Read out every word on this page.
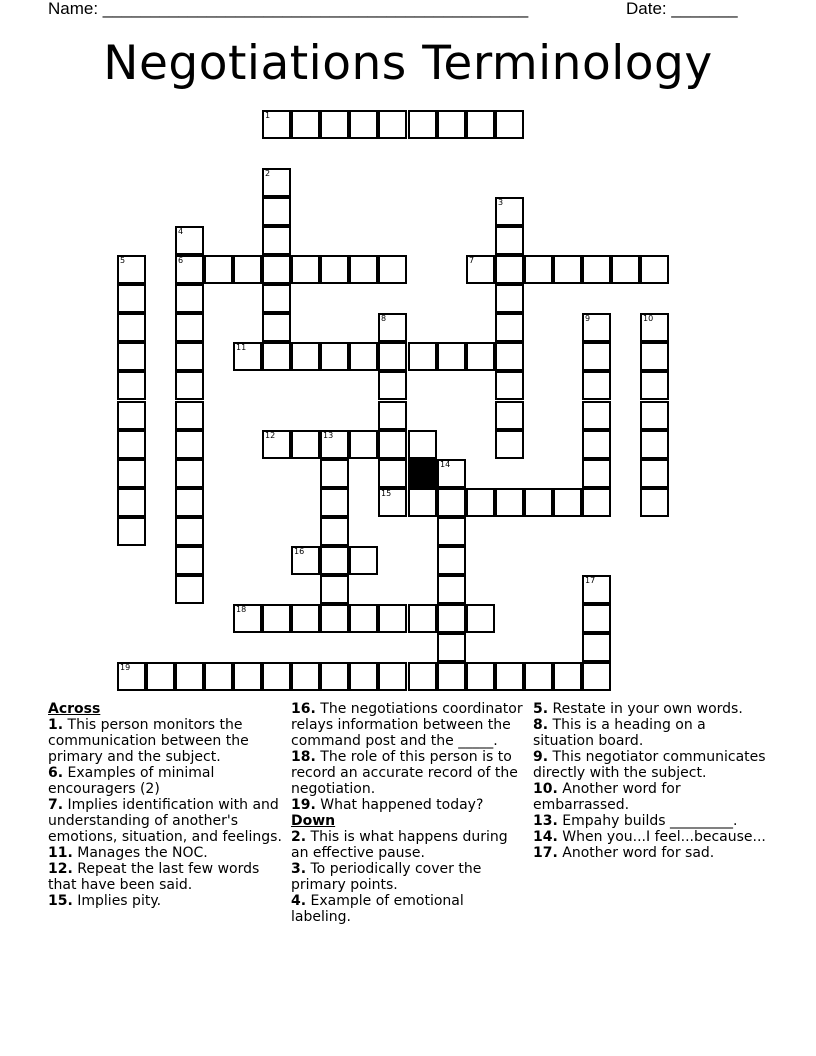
Name: _____________________________________________	Date: _______
Negotiations Terminology
1
6	7
11
12	13
15
16
18
19
2
3
4
5
8	9	10
14
17
Across
1. This person monitors the communication between the primary and the subject.
6. Examples of minimal encouragers (2)
7. Implies identification with and understanding of another's emotions, situation, and feelings.
11. Manages the NOC.
12. Repeat the last few words that have been said.
15. Implies pity.
16. The negotiations coordinator relays information between the command post and the _____.
18. The role of this person is to record an accurate record of the negotiation.
19. What happened today?
Down
2. This is what happens during an effective pause.
3. To periodically cover the primary points.
4. Example of emotional labeling.
5. Restate in your own words.
8. This is a heading on a situation board.
9. This negotiator communicates directly with the subject.
10. Another word for embarrassed.
13. Empahy builds _________.
14. When you...I feel...because...
17. Another word for sad.
